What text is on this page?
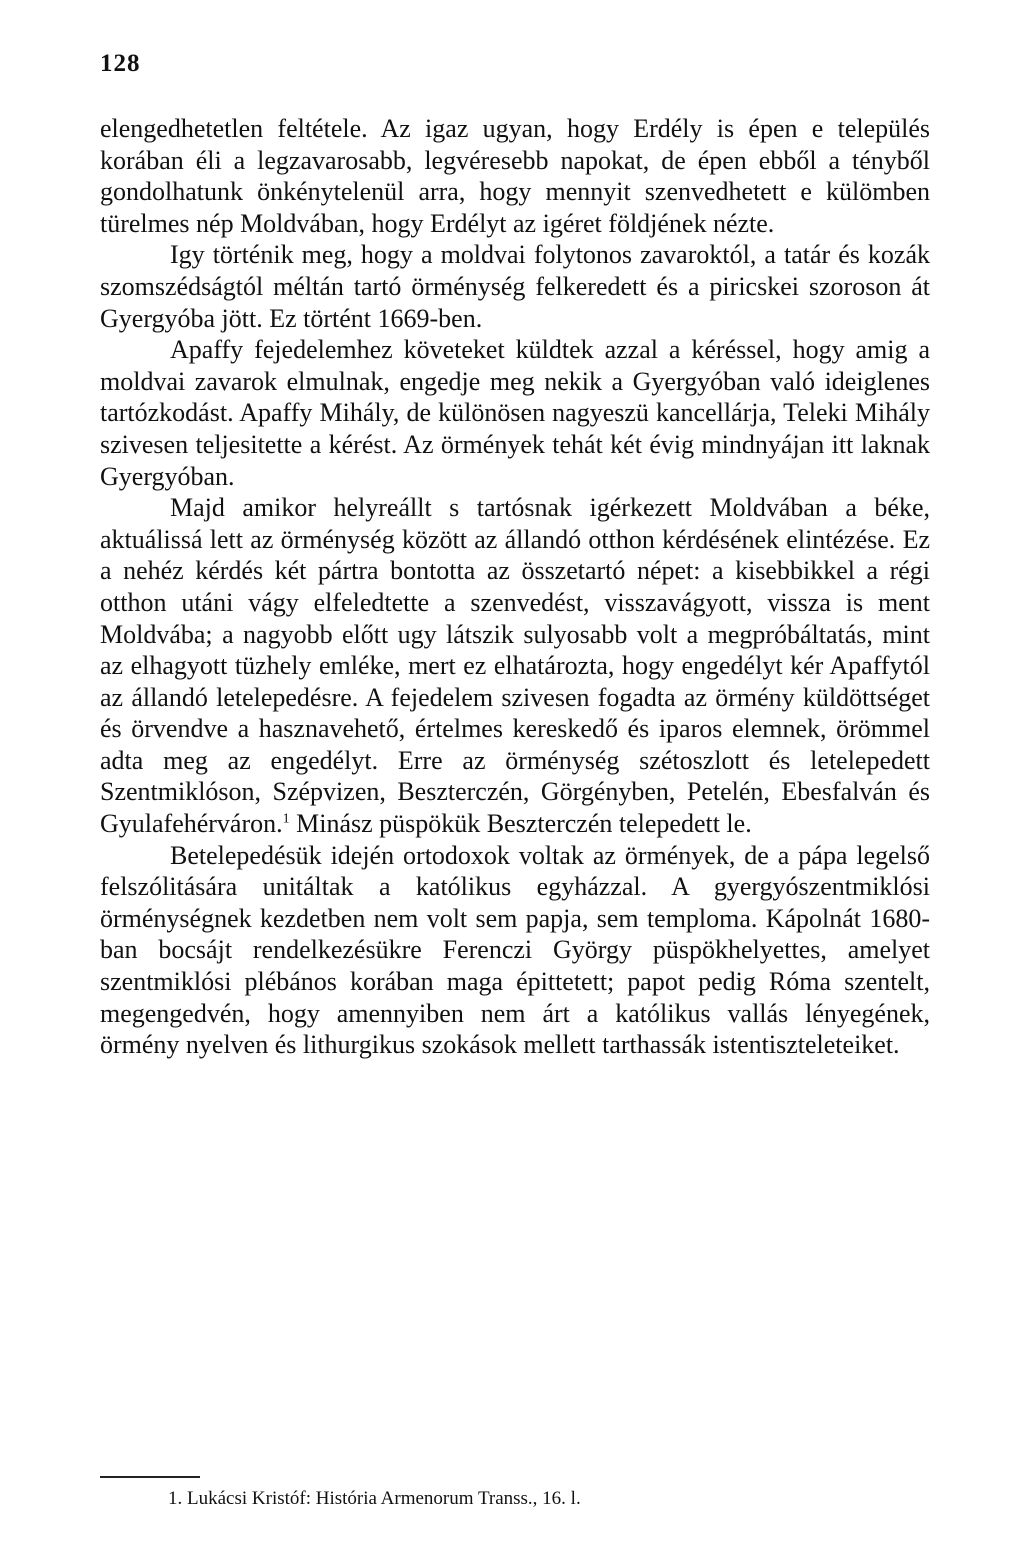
128

elengedhetetlen feltétele. Az igaz ugyan, hogy Erdély is épen e település korában éli a legzavarosabb, legvéresebb napokat, de épen ebből a tényből gondolhatunk önkénytelenül arra, hogy mennyit szenvedhetett e külömben türelmes nép Moldvában, hogy Erdélyt az igéret földjének nézte.

Igy történik meg, hogy a moldvai folytonos zavaroktól, a tatár és kozák szomszédságtól méltán tartó örménység felkeredett és a piricskei szoroson át Gyergyóba jött. Ez történt 1669-ben.

Apaffy fejedelemhez követeket küldtek azzal a kéréssel, hogy amig a moldvai zavarok elmulnak, engedje meg nekik a Gyergyóban való ideiglenes tartózkodást. Apaffy Mihály, de különösen nagyeszü kancellárja, Teleki Mihály szivesen teljesitette a kérést. Az örmények tehát két évig mindnyájan itt laknak Gyergyóban.

Majd amikor helyreállt s tartósnak igérkezett Moldvában a béke, aktuálissá lett az örménység között az állandó otthon kérdésének elintézése. Ez a nehéz kérdés két pártra bontotta az összetartó népet: a kisebbikkel a régi otthon utáni vágy elfeledtette a szenvedést, visszavágyott, vissza is ment Moldvába; a nagyobb előtt ugy látszik sulyosabb volt a megpróbáltatás, mint az elhagyott tüzhely emléke, mert ez elhatározta, hogy engedélyt kér Apaffytól az állandó letelepedésre. A fejedelem szivesen fogadta az örmény küldöttséget és örvendve a hasznavehető, értelmes kereskedő és iparos elemnek, örömmel adta meg az engedélyt. Erre az örménység szétoszlott és letelepedett Szentmiklóson, Szépvizen, Beszterczén, Görgényben, Petelén, Ebesfalván és Gyulafehérváron.$^1$ Minász püspökük Beszterczén telepedett le.

Betelepedésük idején ortodoxok voltak az örmények, de a pápa legelső felszólitására unitáltak a katólikus egyházzal. A gyergyószentmiklósi örménységnek kezdetben nem volt sem papja, sem temploma. Kápolnát 1680-ban bocsájt rendelkezésükre Ferenczi György püspökhelyettes, amelyet szentmiklósi plébános korában maga épittetett; papot pedig Róma szentelt, megengedvén, hogy amennyiben nem árt a katólikus vallás lényegének, örmény nyelven és lithurgikus szokások mellett tarthassák istentiszteleteiket.

1. Lukácsi Kristóf: História Armenorum Transs., 16. l.
